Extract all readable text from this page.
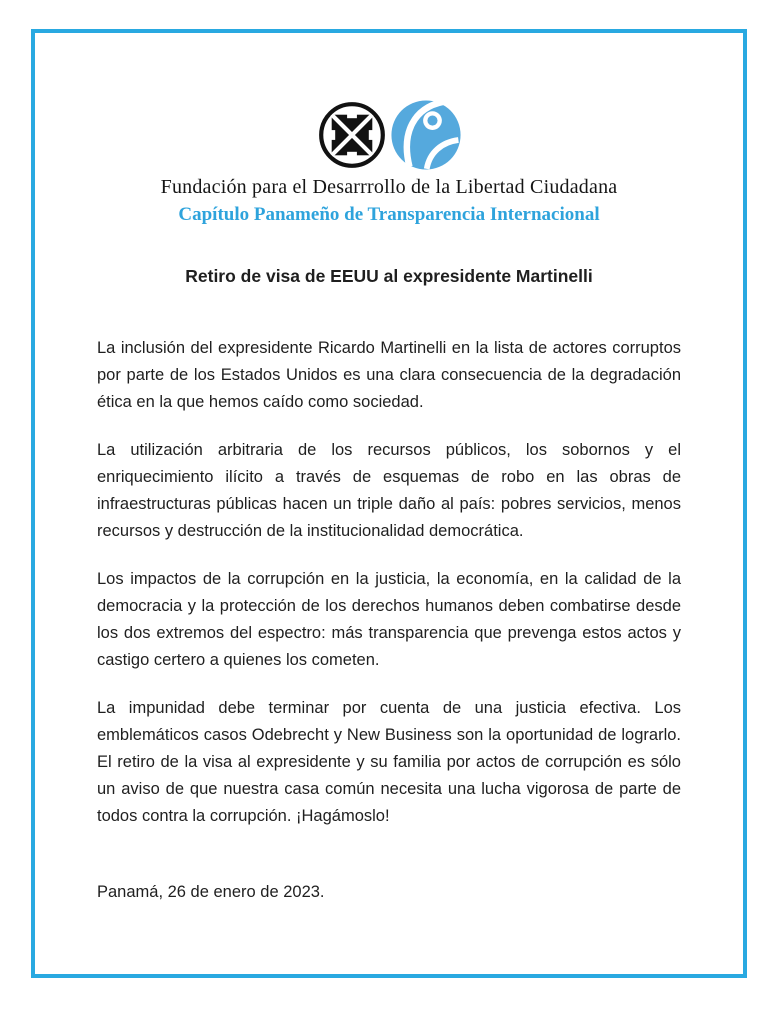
Fundación para el Desarrrollo de la Libertad Ciudadana
Capítulo Panameño de Transparencia Internacional
Retiro de visa de EEUU al expresidente Martinelli

La inclusión del expresidente Ricardo Martinelli en la lista de actores corruptos por parte de los Estados Unidos es una clara consecuencia de la degradación ética en la que hemos caído como sociedad.

La utilización arbitraria de los recursos públicos, los sobornos y el enriquecimiento ilícito a través de esquemas de robo en las obras de infraestructuras públicas hacen un triple daño al país: pobres servicios, menos recursos y destrucción de la institucionalidad democrática.

Los impactos de la corrupción en la justicia, la economía, en la calidad de la democracia y la protección de los derechos humanos deben combatirse desde los dos extremos del espectro: más transparencia que prevenga estos actos y castigo certero a quienes los cometen.

La impunidad debe terminar por cuenta de una justicia efectiva. Los emblemáticos casos Odebrecht y New Business son la oportunidad de lograrlo. El retiro de la visa al expresidente y su familia por actos de corrupción es sólo un aviso de que nuestra casa común necesita una lucha vigorosa de parte de todos contra la corrupción. ¡Hagámoslo!

Panamá, 26 de enero de 2023.
